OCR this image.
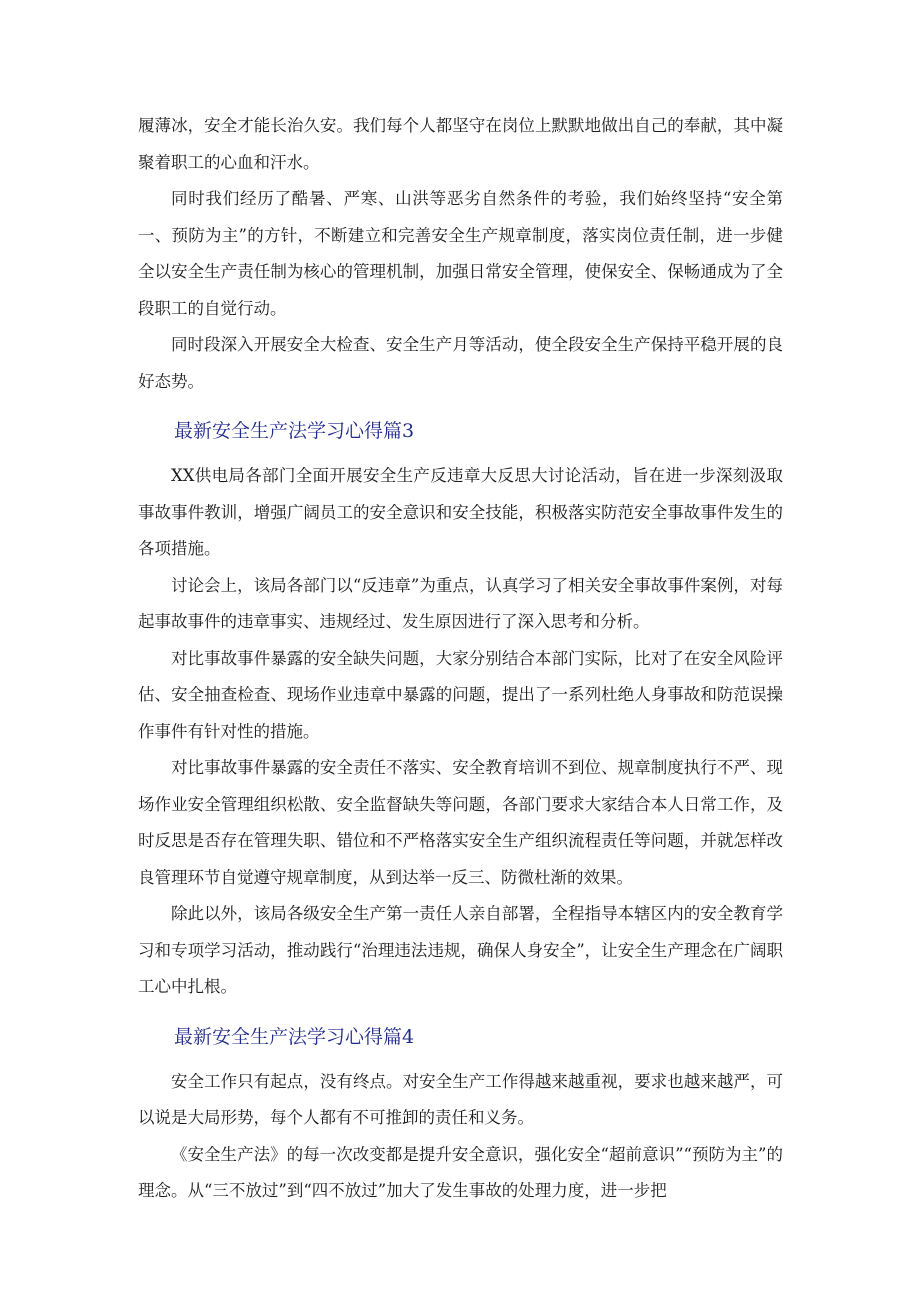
履薄冰，安全才能长治久安。我们每个人都坚守在岗位上默默地做出自己的奉献，其中凝聚着职工的心血和汗水。

同时我们经历了酷暑、严寒、山洪等恶劣自然条件的考验，我们始终坚持“安全第一、预防为主”的方针，不断建立和完善安全生产规章制度，落实岗位责任制，进一步健全以安全生产责任制为核心的管理机制，加强日常安全管理，使保安全、保畅通成为了全段职工的自觉行动。

同时段深入开展安全大检查、安全生产月等活动，使全段安全生产保持平稳开展的良好态势。

最新安全生产法学习心得篇3

XX供电局各部门全面开展安全生产反违章大反思大讨论活动，旨在进一步深刻汲取事故事件教训，增强广阔员工的安全意识和安全技能，积极落实防范安全事故事件发生的各项措施。

讨论会上，该局各部门以“反违章”为重点，认真学习了相关安全事故事件案例，对每起事故事件的违章事实、违规经过、发生原因进行了深入思考和分析。

对比事故事件暴露的安全缺失问题，大家分别结合本部门实际，比对了在安全风险评估、安全抽查检查、现场作业违章中暴露的问题，提出了一系列杜绝人身事故和防范误操作事件有针对性的措施。

对比事故事件暴露的安全责任不落实、安全教育培训不到位、规章制度执行不严、现场作业安全管理组织松散、安全监督缺失等问题，各部门要求大家结合本人日常工作，及时反思是否存在管理失职、错位和不严格落实安全生产组织流程责任等问题，并就怎样改良管理环节自觉遵守规章制度，从到达举一反三、防微杜渐的效果。

除此以外，该局各级安全生产第一责任人亲自部署，全程指导本辖区内的安全教育学习和专项学习活动，推动践行“治理违法违规，确保人身安全”，让安全生产理念在广阔职工心中扎根。

最新安全生产法学习心得篇4

安全工作只有起点，没有终点。对安全生产工作得越来越重视，要求也越来越严，可以说是大局形势，每个人都有不可推卸的责任和义务。

《安全生产法》的每一次改变都是提升安全意识，强化安全“超前意识”“预防为主”的理念。从“三不放过”到“四不放过”加大了发生事故的处理力度，进一步把
